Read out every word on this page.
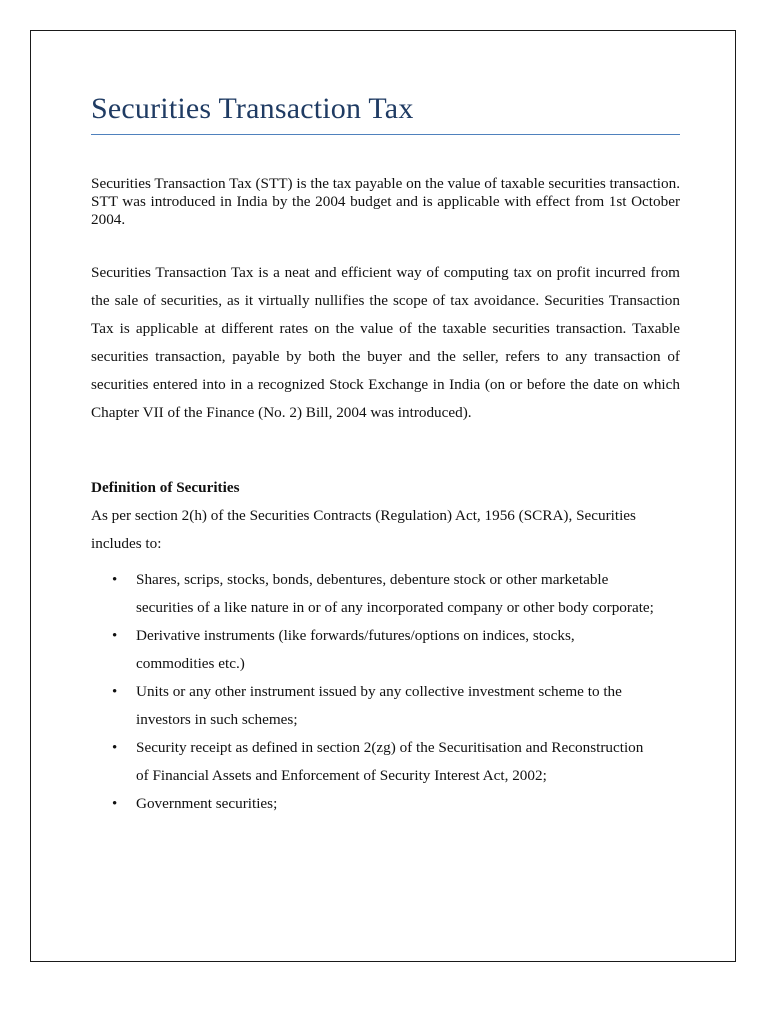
Securities Transaction Tax

Securities Transaction Tax (STT) is the tax payable on the value of taxable securities transaction. STT was introduced in India by the 2004 budget and is applicable with effect from 1st October 2004.

Securities Transaction Tax is a neat and efficient way of computing tax on profit incurred from the sale of securities, as it virtually nullifies the scope of tax avoidance. Securities Transaction Tax is applicable at different rates on the value of the taxable securities transaction. Taxable securities transaction, payable by both the buyer and the seller, refers to any transaction of securities entered into in a recognized Stock Exchange in India (on or before the date on which Chapter VII of the Finance (No. 2) Bill, 2004 was introduced).

Definition of Securities

As per section 2(h) of the Securities Contracts (Regulation) Act, 1956 (SCRA), Securities includes to:

• Shares, scrips, stocks, bonds, debentures, debenture stock or other marketable securities of a like nature in or of any incorporated company or other body corporate;
• Derivative instruments (like forwards/futures/options on indices, stocks, commodities etc.)
• Units or any other instrument issued by any collective investment scheme to the investors in such schemes;
• Security receipt as defined in section 2(zg) of the Securitisation and Reconstruction of Financial Assets and Enforcement of Security Interest Act, 2002;
• Government securities;
